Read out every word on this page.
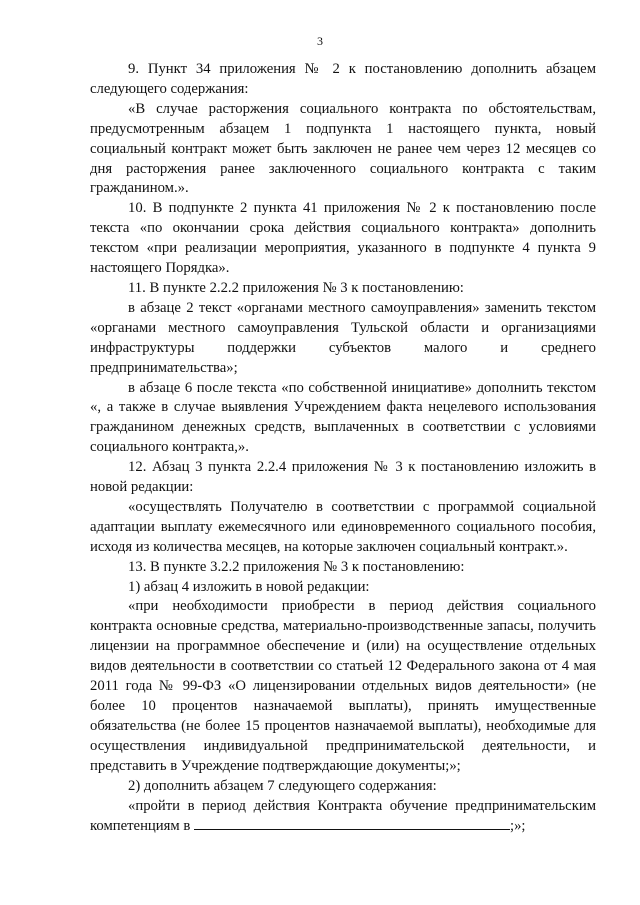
3

9. Пункт 34 приложения № 2 к постановлению дополнить абзацем следующего содержания:

«В случае расторжения социального контракта по обстоятельствам, предусмотренным абзацем 1 подпункта 1 настоящего пункта, новый социальный контракт может быть заключен не ранее чем через 12 месяцев со дня расторжения ранее заключенного социального контракта с таким гражданином.».

10. В подпункте 2 пункта 41 приложения № 2 к постановлению после текста «по окончании срока действия социального контракта» дополнить текстом «при реализации мероприятия, указанного в подпункте 4 пункта 9 настоящего Порядка».

11. В пункте 2.2.2 приложения № 3 к постановлению:

в абзаце 2 текст «органами местного самоуправления» заменить текстом «органами местного самоуправления Тульской области и организациями инфраструктуры поддержки субъектов малого и среднего предпринимательства»;

в абзаце 6 после текста «по собственной инициативе» дополнить текстом «, а также в случае выявления Учреждением факта нецелевого использования гражданином денежных средств, выплаченных в соответствии с условиями социального контракта,».

12. Абзац 3 пункта 2.2.4 приложения № 3 к постановлению изложить в новой редакции:

«осуществлять Получателю в соответствии с программой социальной адаптации выплату ежемесячного или единовременного социального пособия, исходя из количества месяцев, на которые заключен социальный контракт.».

13. В пункте 3.2.2 приложения № 3 к постановлению:

1) абзац 4 изложить в новой редакции:

«при необходимости приобрести в период действия социального контракта основные средства, материально-производственные запасы, получить лицензии на программное обеспечение и (или) на осуществление отдельных видов деятельности в соответствии со статьей 12 Федерального закона от 4 мая 2011 года № 99-ФЗ «О лицензировании отдельных видов деятельности» (не более 10 процентов назначаемой выплаты), принять имущественные обязательства (не более 15 процентов назначаемой выплаты), необходимые для осуществления индивидуальной предпринимательской деятельности, и представить в Учреждение подтверждающие документы;»;

2) дополнить абзацем 7 следующего содержания:

«пройти в период действия Контракта обучение предпринимательским компетенциям в	;»;
